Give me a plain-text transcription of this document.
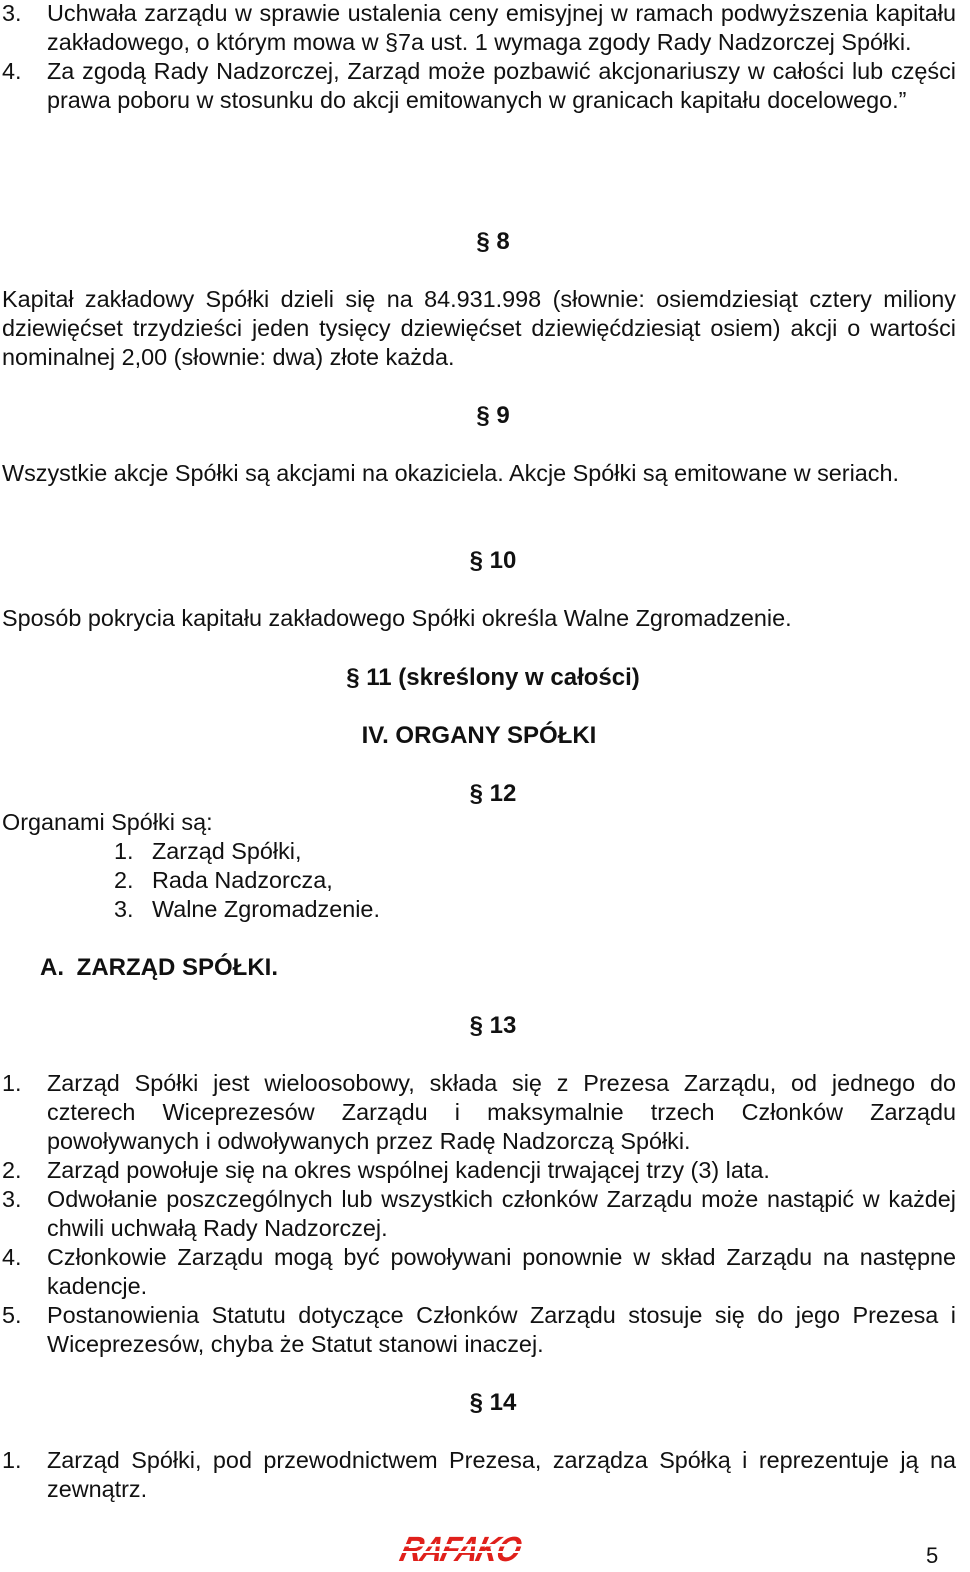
3. Uchwała zarządu w sprawie ustalenia ceny emisyjnej w ramach podwyższenia kapitału zakładowego, o którym mowa w §7a ust. 1 wymaga zgody Rady Nadzorczej Spółki.
4. Za zgodą Rady Nadzorczej, Zarząd może pozbawić akcjonariuszy w całości lub części prawa poboru w stosunku do akcji emitowanych w granicach kapitału docelowego.”
§ 8
Kapitał zakładowy Spółki dzieli się na 84.931.998 (słownie: osiemdziesiąt cztery miliony dziewięćset trzydzieści jeden tysięcy dziewięćset dziewięćdziesiąt osiem) akcji o wartości nominalnej 2,00 (słownie: dwa) złote każda.
§ 9
Wszystkie akcje Spółki są akcjami na okaziciela. Akcje Spółki są emitowane w seriach.
§ 10
Sposób pokrycia kapitału zakładowego Spółki określa Walne Zgromadzenie.
§ 11 (skreślony w całości)
IV. ORGANY SPÓŁKI
§ 12
Organami Spółki są:
1. Zarząd Spółki,
2. Rada Nadzorcza,
3. Walne Zgromadzenie.
A. ZARZĄD SPÓŁKI.
§ 13
1. Zarząd Spółki jest wieloosobowy, składa się z Prezesa Zarządu, od jednego do czterech Wiceprezesów Zarządu i maksymalnie trzech Członków Zarządu powoływanych i odwoływanych przez Radę Nadzorczą Spółki.
2. Zarząd powołuje się na okres wspólnej kadencji trwającej trzy (3) lata.
3. Odwołanie poszczególnych lub wszystkich członków Zarządu może nastąpić w każdej chwili uchwałą Rady Nadzorczej.
4. Członkowie Zarządu mogą być powoływani ponownie w skład Zarządu na następne kadencje.
5. Postanowienia Statutu dotyczące Członków Zarządu stosuje się do jego Prezesa i Wiceprezesów, chyba że Statut stanowi inaczej.
§ 14
1. Zarząd Spółki, pod przewodnictwem Prezesa, zarządza Spółką i reprezentuje ją na zewnątrz.
RAFAKO	5
